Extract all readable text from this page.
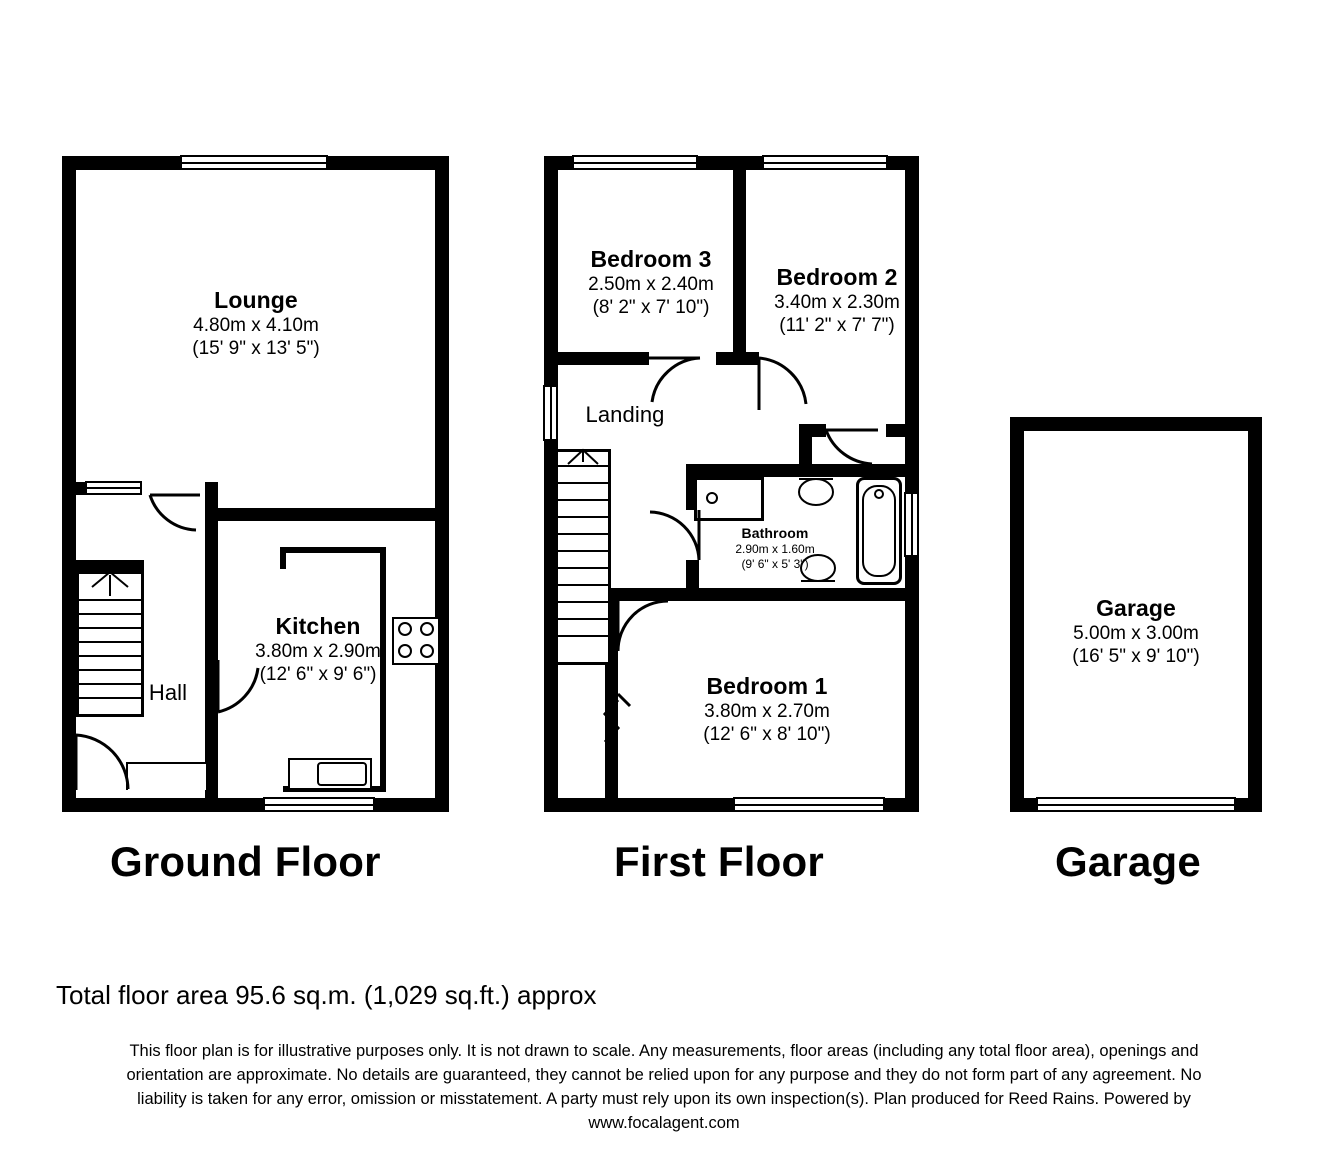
Lounge
4.80m x 4.10m
(15' 9" x 13' 5")
Kitchen
3.80m x 2.90m
(12' 6" x 9' 6")
Hall
Ground Floor
Bedroom 3
2.50m x 2.40m
(8' 2" x 7' 10")
Bedroom 2
3.40m x 2.30m
(11' 2" x 7' 7")
Landing
Bathroom
2.90m x 1.60m
(9' 6" x 5' 3")
Bedroom 1
3.80m x 2.70m
(12' 6" x 8' 10")
First Floor
Garage
5.00m x 3.00m
(16' 5" x 9' 10")
Garage
Total floor area 95.6 sq.m. (1,029 sq.ft.) approx
This floor plan is for illustrative purposes only. It is not drawn to scale. Any measurements, floor areas (including any total floor area), openings and
orientation are approximate. No details are guaranteed, they cannot be relied upon for any purpose and they do not form part of any agreement. No
liability is taken for any error, omission or misstatement. A party must rely upon its own inspection(s). Plan produced for Reed Rains. Powered by
www.focalagent.com
